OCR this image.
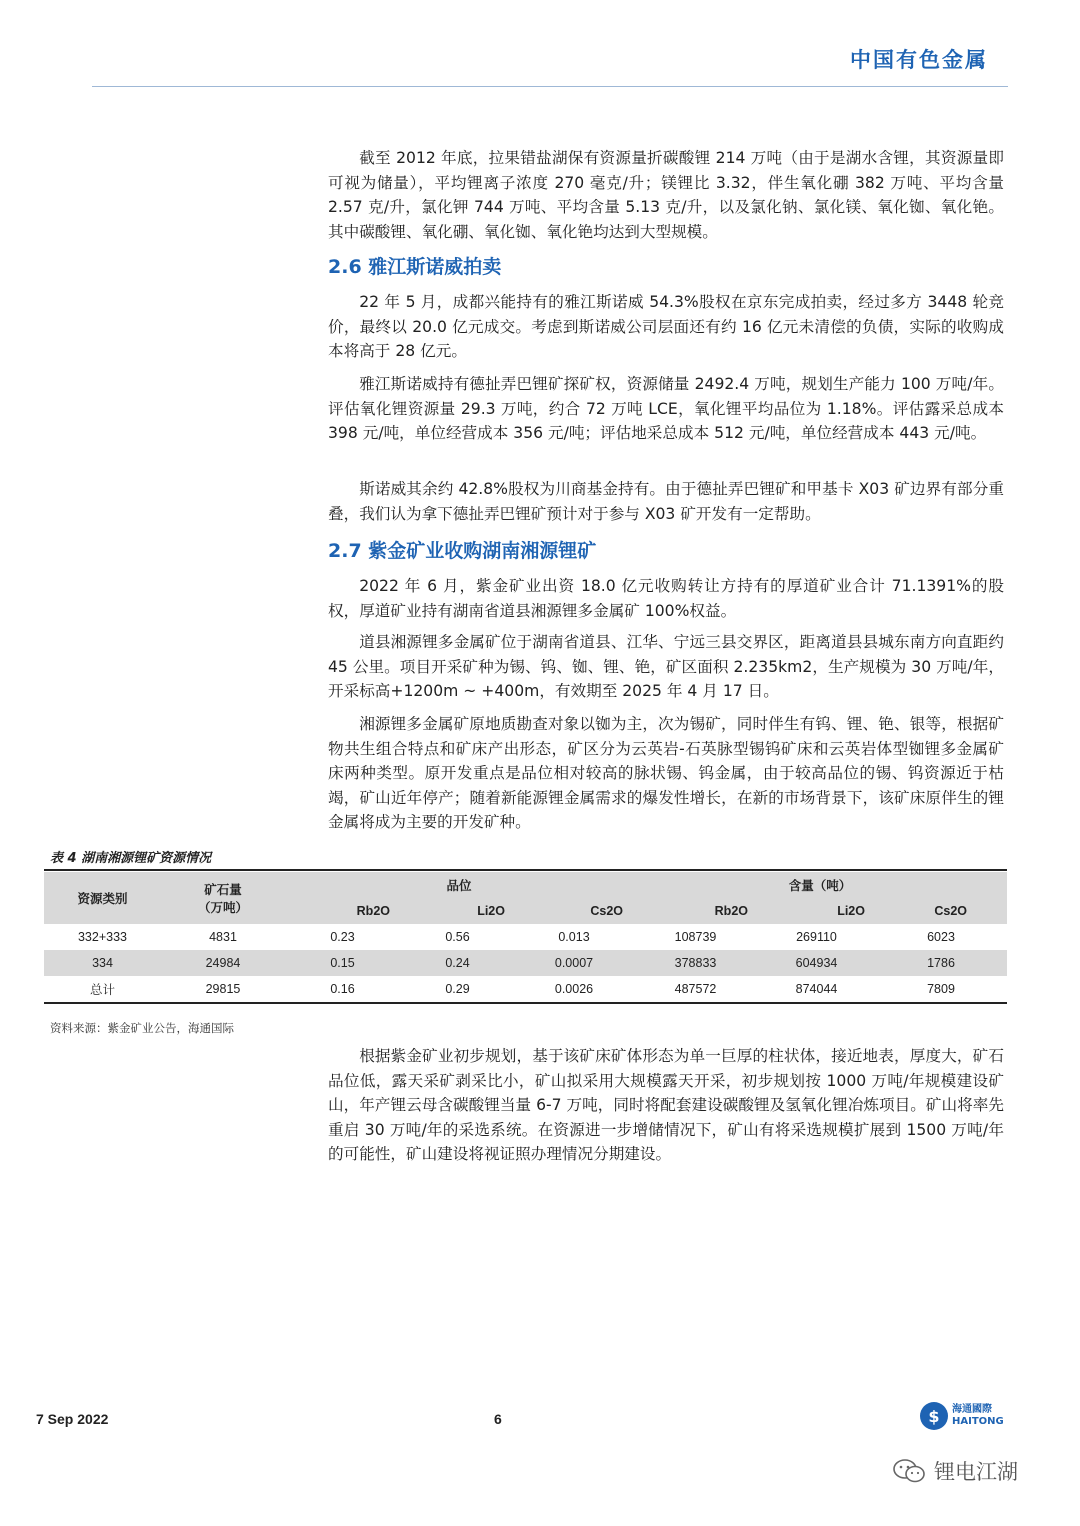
中国有色金属

截至 2012 年底，拉果错盐湖保有资源量折碳酸锂 214 万吨（由于是湖水含锂，其资源量即可视为储量），平均锂离子浓度 270 毫克/升；镁锂比 3.32，伴生氧化硼 382 万吨、平均含量 2.57 克/升，氯化钾 744 万吨、平均含量 5.13 克/升，以及氯化钠、氯化镁、氧化铷、氧化铯。其中碳酸锂、氧化硼、氧化铷、氧化铯均达到大型规模。

2.6 雅江斯诺威拍卖

22 年 5 月，成都兴能持有的雅江斯诺威 54.3%股权在京东完成拍卖，经过多方 3448 轮竞价，最终以 20.0 亿元成交。考虑到斯诺威公司层面还有约 16 亿元未清偿的负债，实际的收购成本将高于 28 亿元。

雅江斯诺威持有德扯弄巴锂矿探矿权，资源储量 2492.4 万吨，规划生产能力 100 万吨/年。评估氧化锂资源量 29.3 万吨，约合 72 万吨 LCE，氧化锂平均品位为 1.18%。评估露采总成本 398 元/吨，单位经营成本 356 元/吨；评估地采总成本 512 元/吨，单位经营成本 443 元/吨。

斯诺威其余约 42.8%股权为川商基金持有。由于德扯弄巴锂矿和甲基卡 X03 矿边界有部分重叠，我们认为拿下德扯弄巴锂矿预计对于参与 X03 矿开发有一定帮助。

2.7 紫金矿业收购湖南湘源锂矿

2022 年 6 月，紫金矿业出资 18.0 亿元收购转让方持有的厚道矿业合计 71.1391%的股权，厚道矿业持有湖南省道县湘源锂多金属矿 100%权益。

道县湘源锂多金属矿位于湖南省道县、江华、宁远三县交界区，距离道县县城东南方向直距约 45 公里。项目开采矿种为锡、钨、铷、锂、铯，矿区面积 2.235km2，生产规模为 30 万吨/年，开采标高+1200m ~ +400m，有效期至 2025 年 4 月 17 日。

湘源锂多金属矿原地质勘查对象以铷为主，次为锡矿，同时伴生有钨、锂、铯、银等，根据矿物共生组合特点和矿床产出形态，矿区分为云英岩-石英脉型锡钨矿床和云英岩体型铷锂多金属矿床两种类型。原开发重点是品位相对较高的脉状锡、钨金属，由于较高品位的锡、钨资源近于枯竭，矿山近年停产；随着新能源锂金属需求的爆发性增长，在新的市场背景下，该矿床原伴生的锂金属将成为主要的开发矿种。

表 4 湖南湘源锂矿资源情况
资源类别	矿石量
（万吨）	品位			含量（吨）		
		Rb2O	Li2O	Cs2O	Rb2O	Li2O	Cs2O
332+333	4831	0.23	0.56	0.013	108739	269110	6023
334	24984	0.15	0.24	0.0007	378833	604934	1786
总计	29815	0.16	0.29	0.0026	487572	874044	7809
资料来源：紫金矿业公告，海通国际

根据紫金矿业初步规划，基于该矿床矿体形态为单一巨厚的柱状体，接近地表，厚度大，矿石品位低，露天采矿剥采比小，矿山拟采用大规模露天开采，初步规划按 1000 万吨/年规模建设矿山，年产锂云母含碳酸锂当量 6-7 万吨，同时将配套建设碳酸锂及氢氧化锂冶炼项目。矿山将率先重启 30 万吨/年的采选系统。在资源进一步增储情况下，矿山有将采选规模扩展到 1500 万吨/年的可能性，矿山建设将视证照办理情况分期建设。

7 Sep 2022	6	$	海通國際
HAITONG
锂电江湖
